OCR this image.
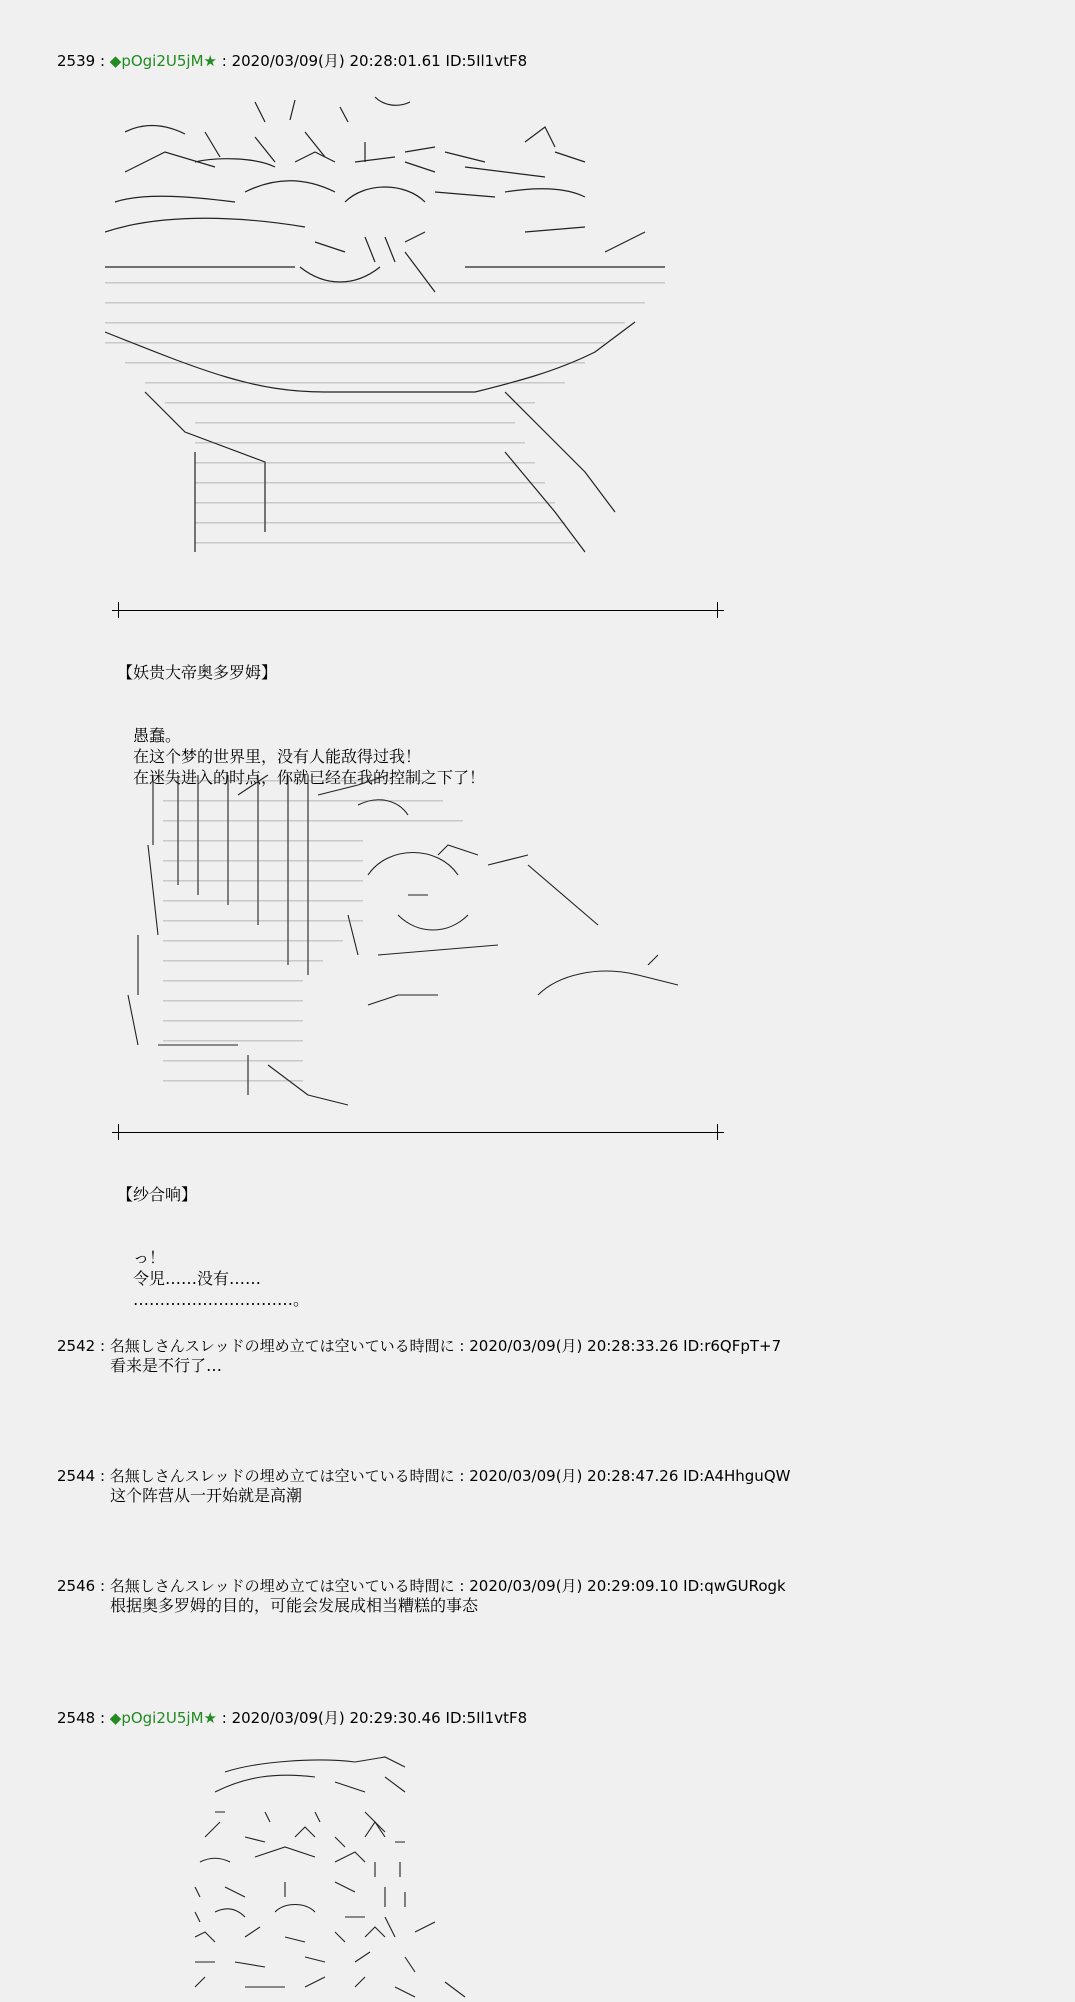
2539 : ◆pOgi2U5jM★ : 2020/03/09(月) 20:28:01.61 ID:5Il1vtF8

【妖贵大帝奥多罗姆】

愚蠢。
在这个梦的世界里，没有人能敌得过我！
在迷失进入的时点，你就已经在我的控制之下了！

【纱合响】

っ！
令児……没有……
…………………………。

2542 : 名無しさんスレッドの埋め立ては空いている時間に : 2020/03/09(月) 20:28:33.26 ID:r6QFpT+7
看来是不行了…
2544 : 名無しさんスレッドの埋め立ては空いている時間に : 2020/03/09(月) 20:28:47.26 ID:A4HhguQW
这个阵营从一开始就是高潮
2546 : 名無しさんスレッドの埋め立ては空いている時間に : 2020/03/09(月) 20:29:09.10 ID:qwGURogk
根据奥多罗姆的目的，可能会发展成相当糟糕的事态
2548 : ◆pOgi2U5jM★ : 2020/03/09(月) 20:29:30.46 ID:5Il1vtF8
